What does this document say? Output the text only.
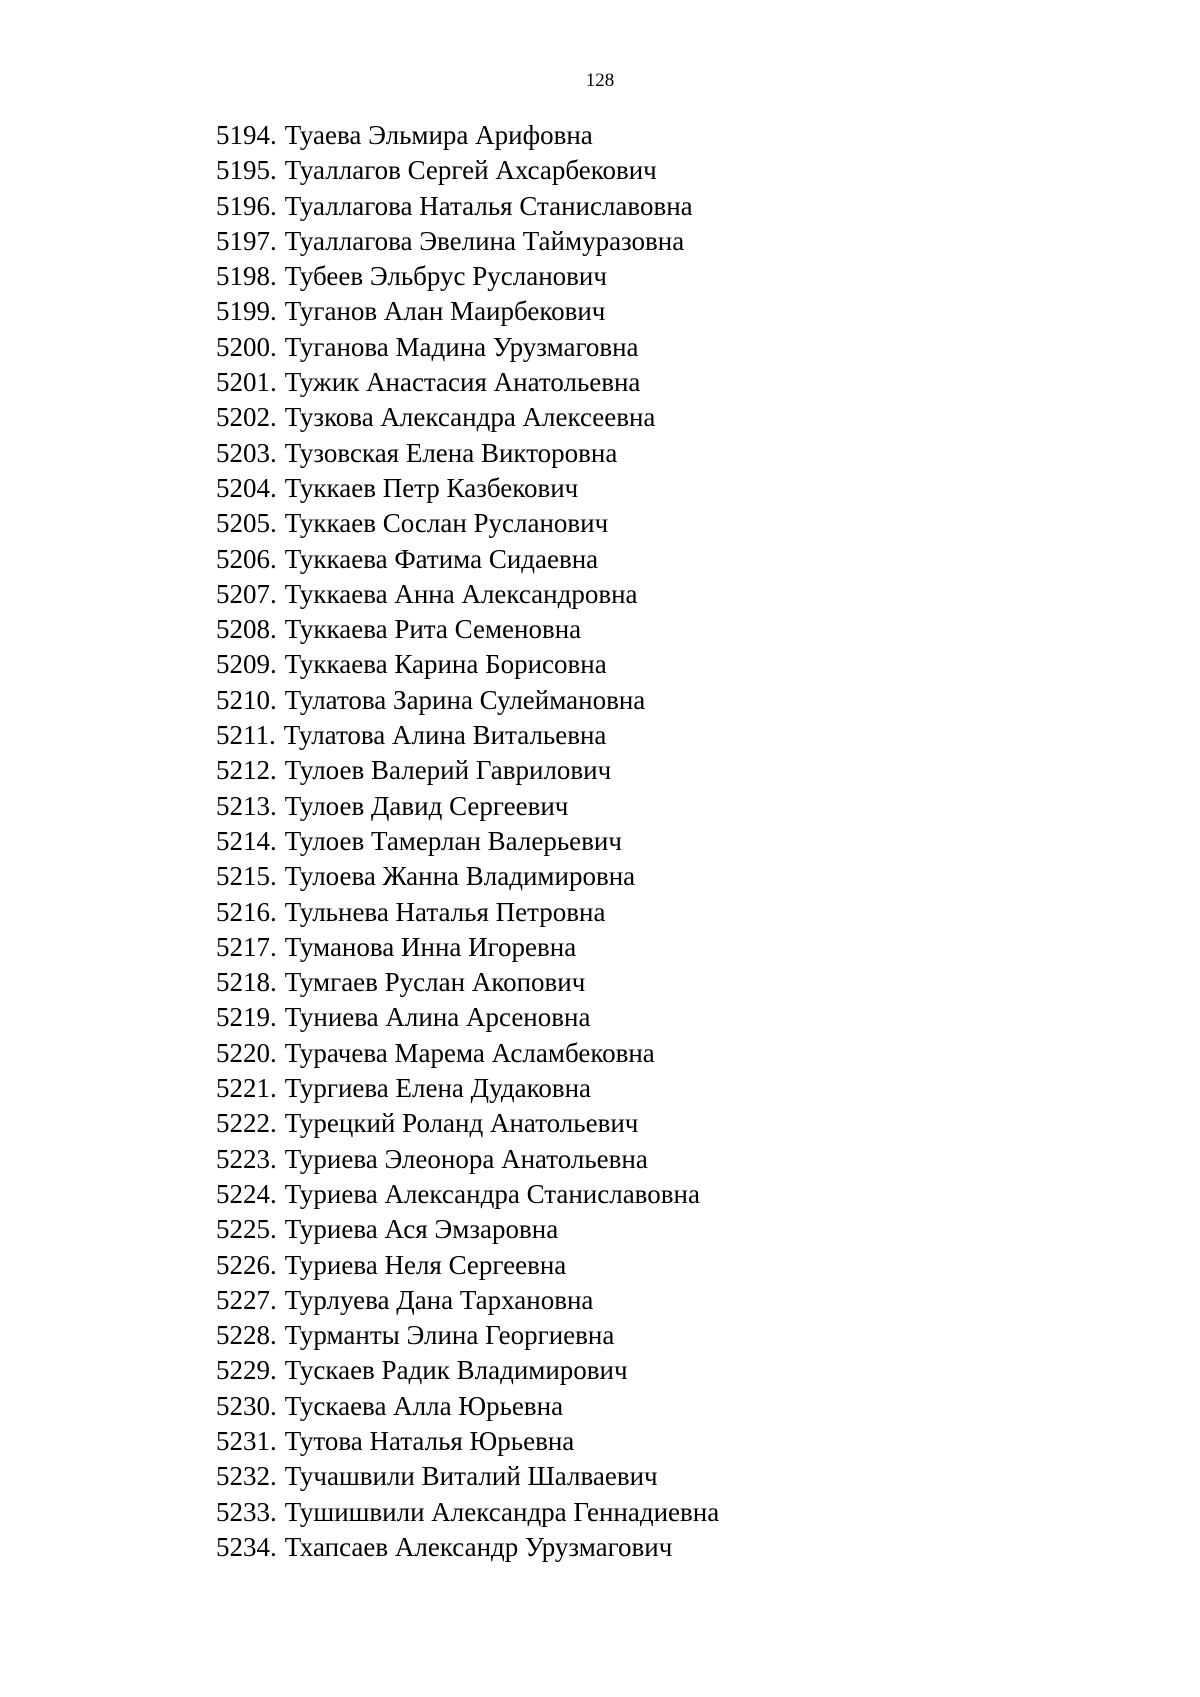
128
5194. Туаева Эльмира Арифовна
5195. Туаллагов Сергей Ахсарбекович
5196. Туаллагова Наталья Станиславовна
5197. Туаллагова Эвелина Таймуразовна
5198. Тубеев Эльбрус Русланович
5199. Туганов Алан Маирбекович
5200. Туганова Мадина Урузмаговна
5201. Тужик Анастасия Анатольевна
5202. Тузкова Александра Алексеевна
5203. Тузовская Елена Викторовна
5204. Туккаев Петр Казбекович
5205. Туккаев Сослан Русланович
5206. Туккаева Фатима Сидаевна
5207. Туккаева Анна Александровна
5208. Туккаева Рита Семеновна
5209. Туккаева Карина Борисовна
5210. Тулатова Зарина Сулеймановна
5211. Тулатова Алина Витальевна
5212. Тулоев Валерий Гаврилович
5213. Тулоев Давид Сергеевич
5214. Тулоев Тамерлан Валерьевич
5215. Тулоева Жанна Владимировна
5216. Тульнева Наталья Петровна
5217. Туманова Инна Игоревна
5218. Тумгаев Руслан Акопович
5219. Туниева Алина Арсеновна
5220. Турачева Марема Асламбековна
5221. Тургиева Елена Дудаковна
5222. Турецкий Роланд Анатольевич
5223. Туриева Элеонора Анатольевна
5224. Туриева Александра Станиславовна
5225. Туриева Ася Эмзаровна
5226. Туриева Неля Сергеевна
5227. Турлуева Дана Тархановна
5228. Турманты Элина Георгиевна
5229. Тускаев Радик Владимирович
5230. Тускаева Алла Юрьевна
5231. Тутова Наталья Юрьевна
5232. Тучашвили Виталий Шалваевич
5233. Тушишвили Александра Геннадиевна
5234. Тхапсаев Александр Урузмагович
